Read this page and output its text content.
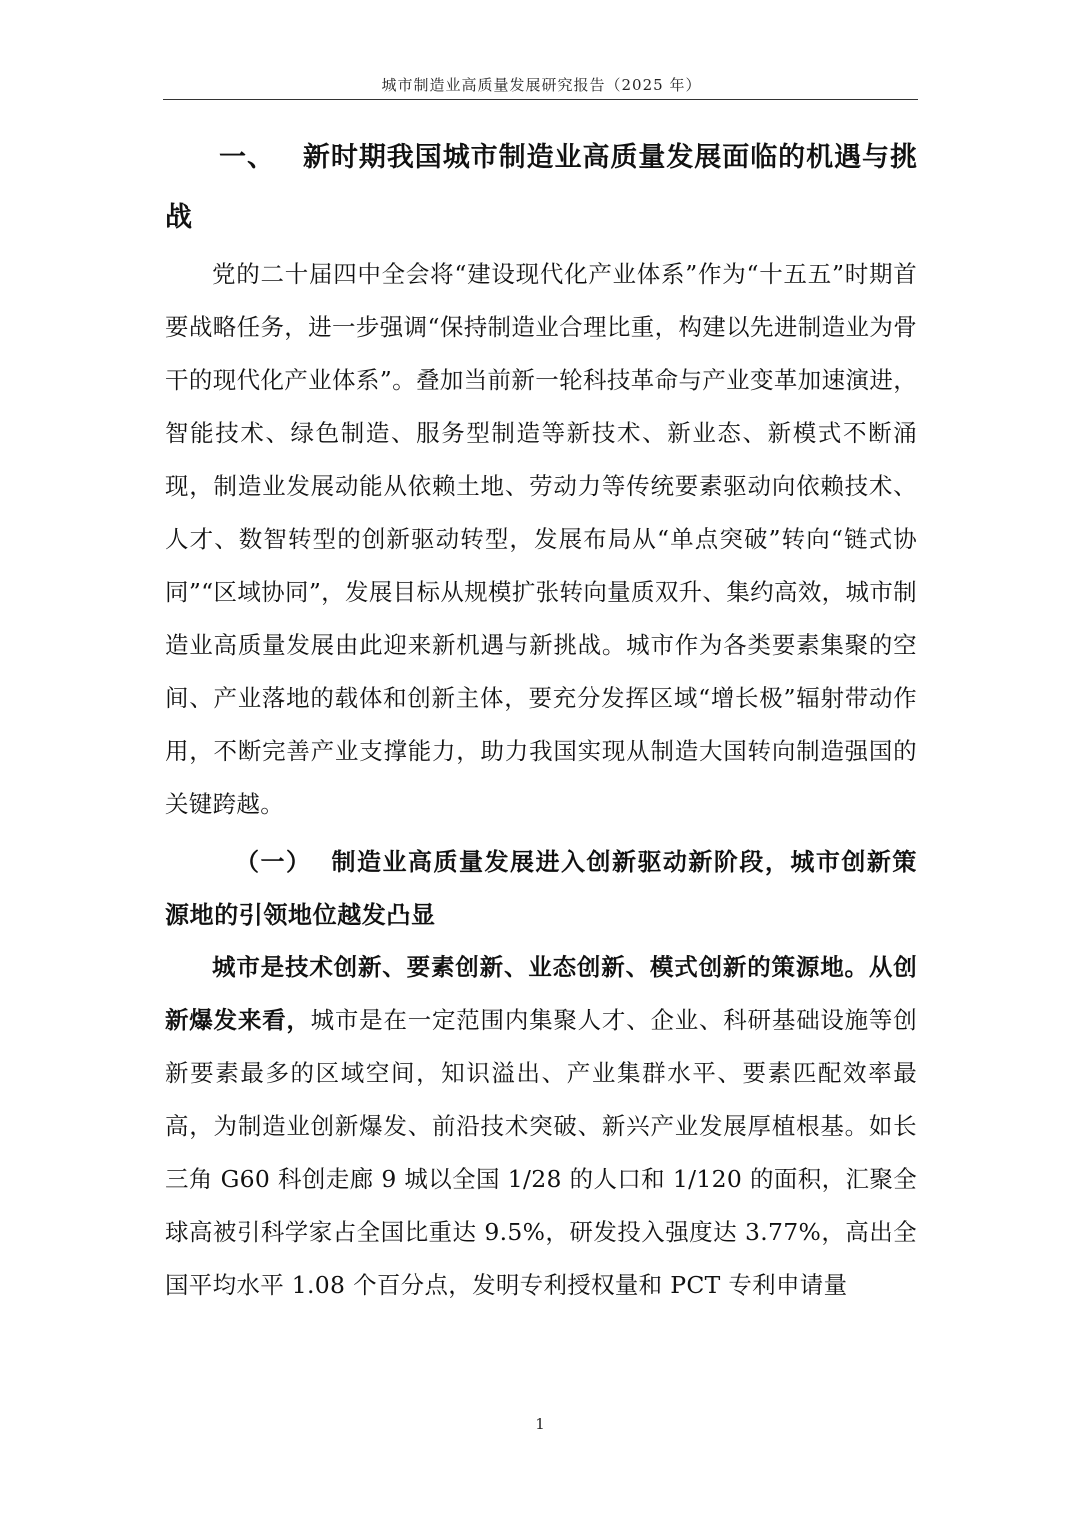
城市制造业高质量发展研究报告（2025 年）

一、 新时期我国城市制造业高质量发展面临的机遇与挑战

党的二十届四中全会将“建设现代化产业体系”作为“十五五”时期首要战略任务，进一步强调“保持制造业合理比重，构建以先进制造业为骨干的现代化产业体系”。叠加当前新一轮科技革命与产业变革加速演进，智能技术、绿色制造、服务型制造等新技术、新业态、新模式不断涌现，制造业发展动能从依赖土地、劳动力等传统要素驱动向依赖技术、人才、数智转型的创新驱动转型，发展布局从“单点突破”转向“链式协同”“区域协同”，发展目标从规模扩张转向量质双升、集约高效，城市制造业高质量发展由此迎来新机遇与新挑战。城市作为各类要素集聚的空间、产业落地的载体和创新主体，要充分发挥区域“增长极”辐射带动作用，不断完善产业支撑能力，助力我国实现从制造大国转向制造强国的关键跨越。

（一） 制造业高质量发展进入创新驱动新阶段，城市创新策源地的引领地位越发凸显

城市是技术创新、要素创新、业态创新、模式创新的策源地。从创新爆发来看，城市是在一定范围内集聚人才、企业、科研基础设施等创新要素最多的区域空间，知识溢出、产业集群水平、要素匹配效率最高，为制造业创新爆发、前沿技术突破、新兴产业发展厚植根基。如长三角 G60 科创走廊 9 城以全国 1/28 的人口和 1/120 的面积，汇聚全球高被引科学家占全国比重达 9.5%，研发投入强度达 3.77%，高出全国平均水平 1.08 个百分点，发明专利授权量和 PCT 专利申请量

1
